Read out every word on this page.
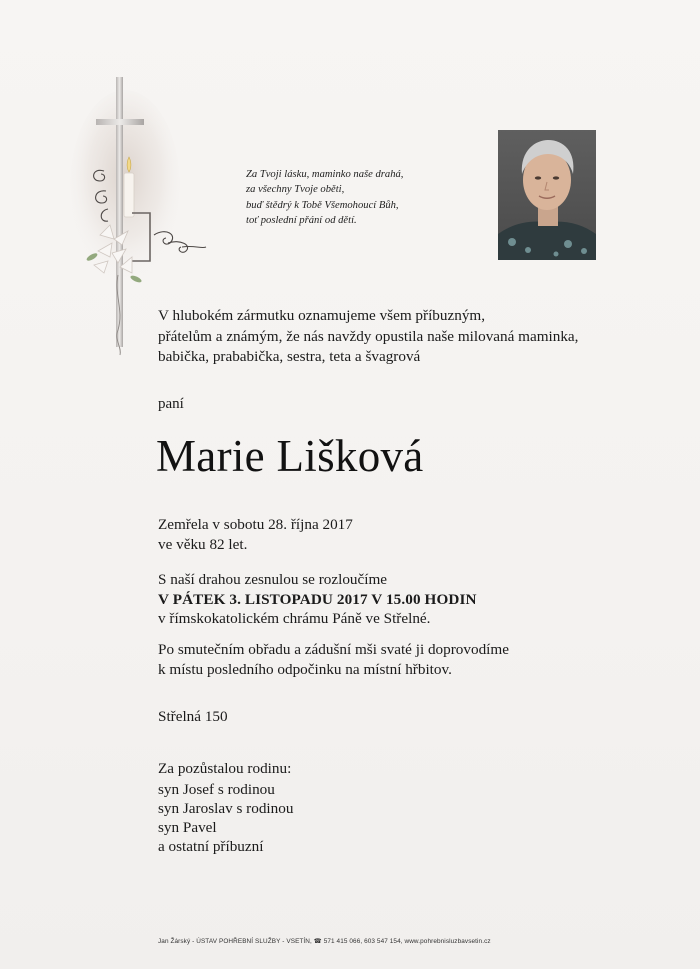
Za Tvoji lásku, maminko naše drahá,
za všechny Tvoje oběti,
buď štědrý k Tobě Všemohoucí Bůh,
toť poslední přání od dětí.
V hlubokém zármutku oznamujeme všem příbuzným,
přátelům a známým, že nás navždy opustila naše milovaná maminka,
babička, prababička, sestra, teta a švagrová
paní
Marie Lišková
Zemřela v sobotu 28. října 2017
ve věku 82 let.
S naší drahou zesnulou se rozloučíme
V PÁTEK 3. LISTOPADU 2017 V 15.00 HODIN
v římskokatolickém chrámu Páně ve Střelné.
Po smutečním obřadu a zádušní mši svaté ji doprovodíme
k místu posledního odpočinku na místní hřbitov.
Střelná 150
Za pozůstalou rodinu:
syn Josef s rodinou
syn Jaroslav s rodinou
syn Pavel
a ostatní příbuzní
Jan Žárský - ÚSTAV POHŘEBNÍ SLUŽBY - VSETÍN, ☎ 571 415 066, 603 547 154, www.pohrebnisluzbavsetin.cz
